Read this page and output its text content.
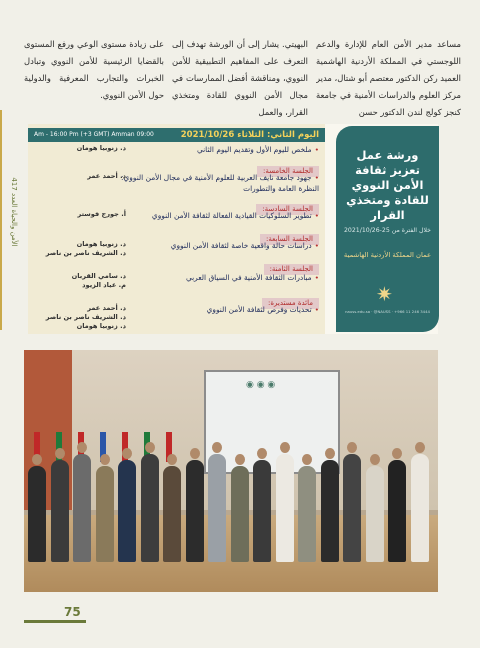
الأمن والحياة العدد 417
مساعد مدير الأمن العام للإدارة والدعم اللوجستي في المملكة الأردنية الهاشمية العميد ركن الدكتور معتصم أبو شتال، مدير مركز العلوم والدراسات الأمنية في جامعة كنجز كولج لندن الدكتور حسن
البهيتي. يشار إلى أن الورشة تهدف إلى التعرف على المفاهيم التطبيقية للأمن النووي، ومناقشة أفضل الممارسات في مجال الأمن النووي للقادة ومتخذي القرار، والعمل
على زيادة مستوى الوعي ورفع المستوى بالقضايا الرئيسية للأمن النووي وتبادل الخبرات والتجارب المعرفية والدولية حول الأمن النووي.
اليوم الثاني: الثلاثاء 2021/10/26
09:00 Am - 16:00 Pm (+3 GMT) Amman
•ملخص لليوم الأول وتقديم اليوم الثاني
د. زنوبيا هومان
الجلسة الخامسة:
•جهود جامعة نايف العربية للعلوم الأمنية في مجال الأمن النووي: النظرة العامة والتطورات
د. أحمد عمر
الجلسة السادسة:
•تطوير السلوكيات القيادية الفعالة لثقافة الأمن النووي
أ. جورج فوستر
الجلسة السابعة:
•دراسات حالة واقعية خاصة لثقافة الأمن النووي
د. زنوبيا هومان
د. الشريف ناصر بن ناصر
الجلسة الثامنة:
•مبادرات الثقافة الأمنية في السياق العربي
د. سامي القربان
م. عياد الزيود
مائدة مستديرة:
•تحديات وفرص لثقافة الأمن النووي
د. أحمد عمر
د. الشريف ناصر بن ناصر
د. زنوبيا هومان
ورشة عمل تعزيز ثقافة الأمن النووي للقادة ومتخذي القرار
خلال الفترة من 25-2021/10/26
عمان المملكة الأردنية الهاشمية
✷
nauss.edu.sa · @NAUSS · +966 11 246 3444
◉ ◉ ◉
75
